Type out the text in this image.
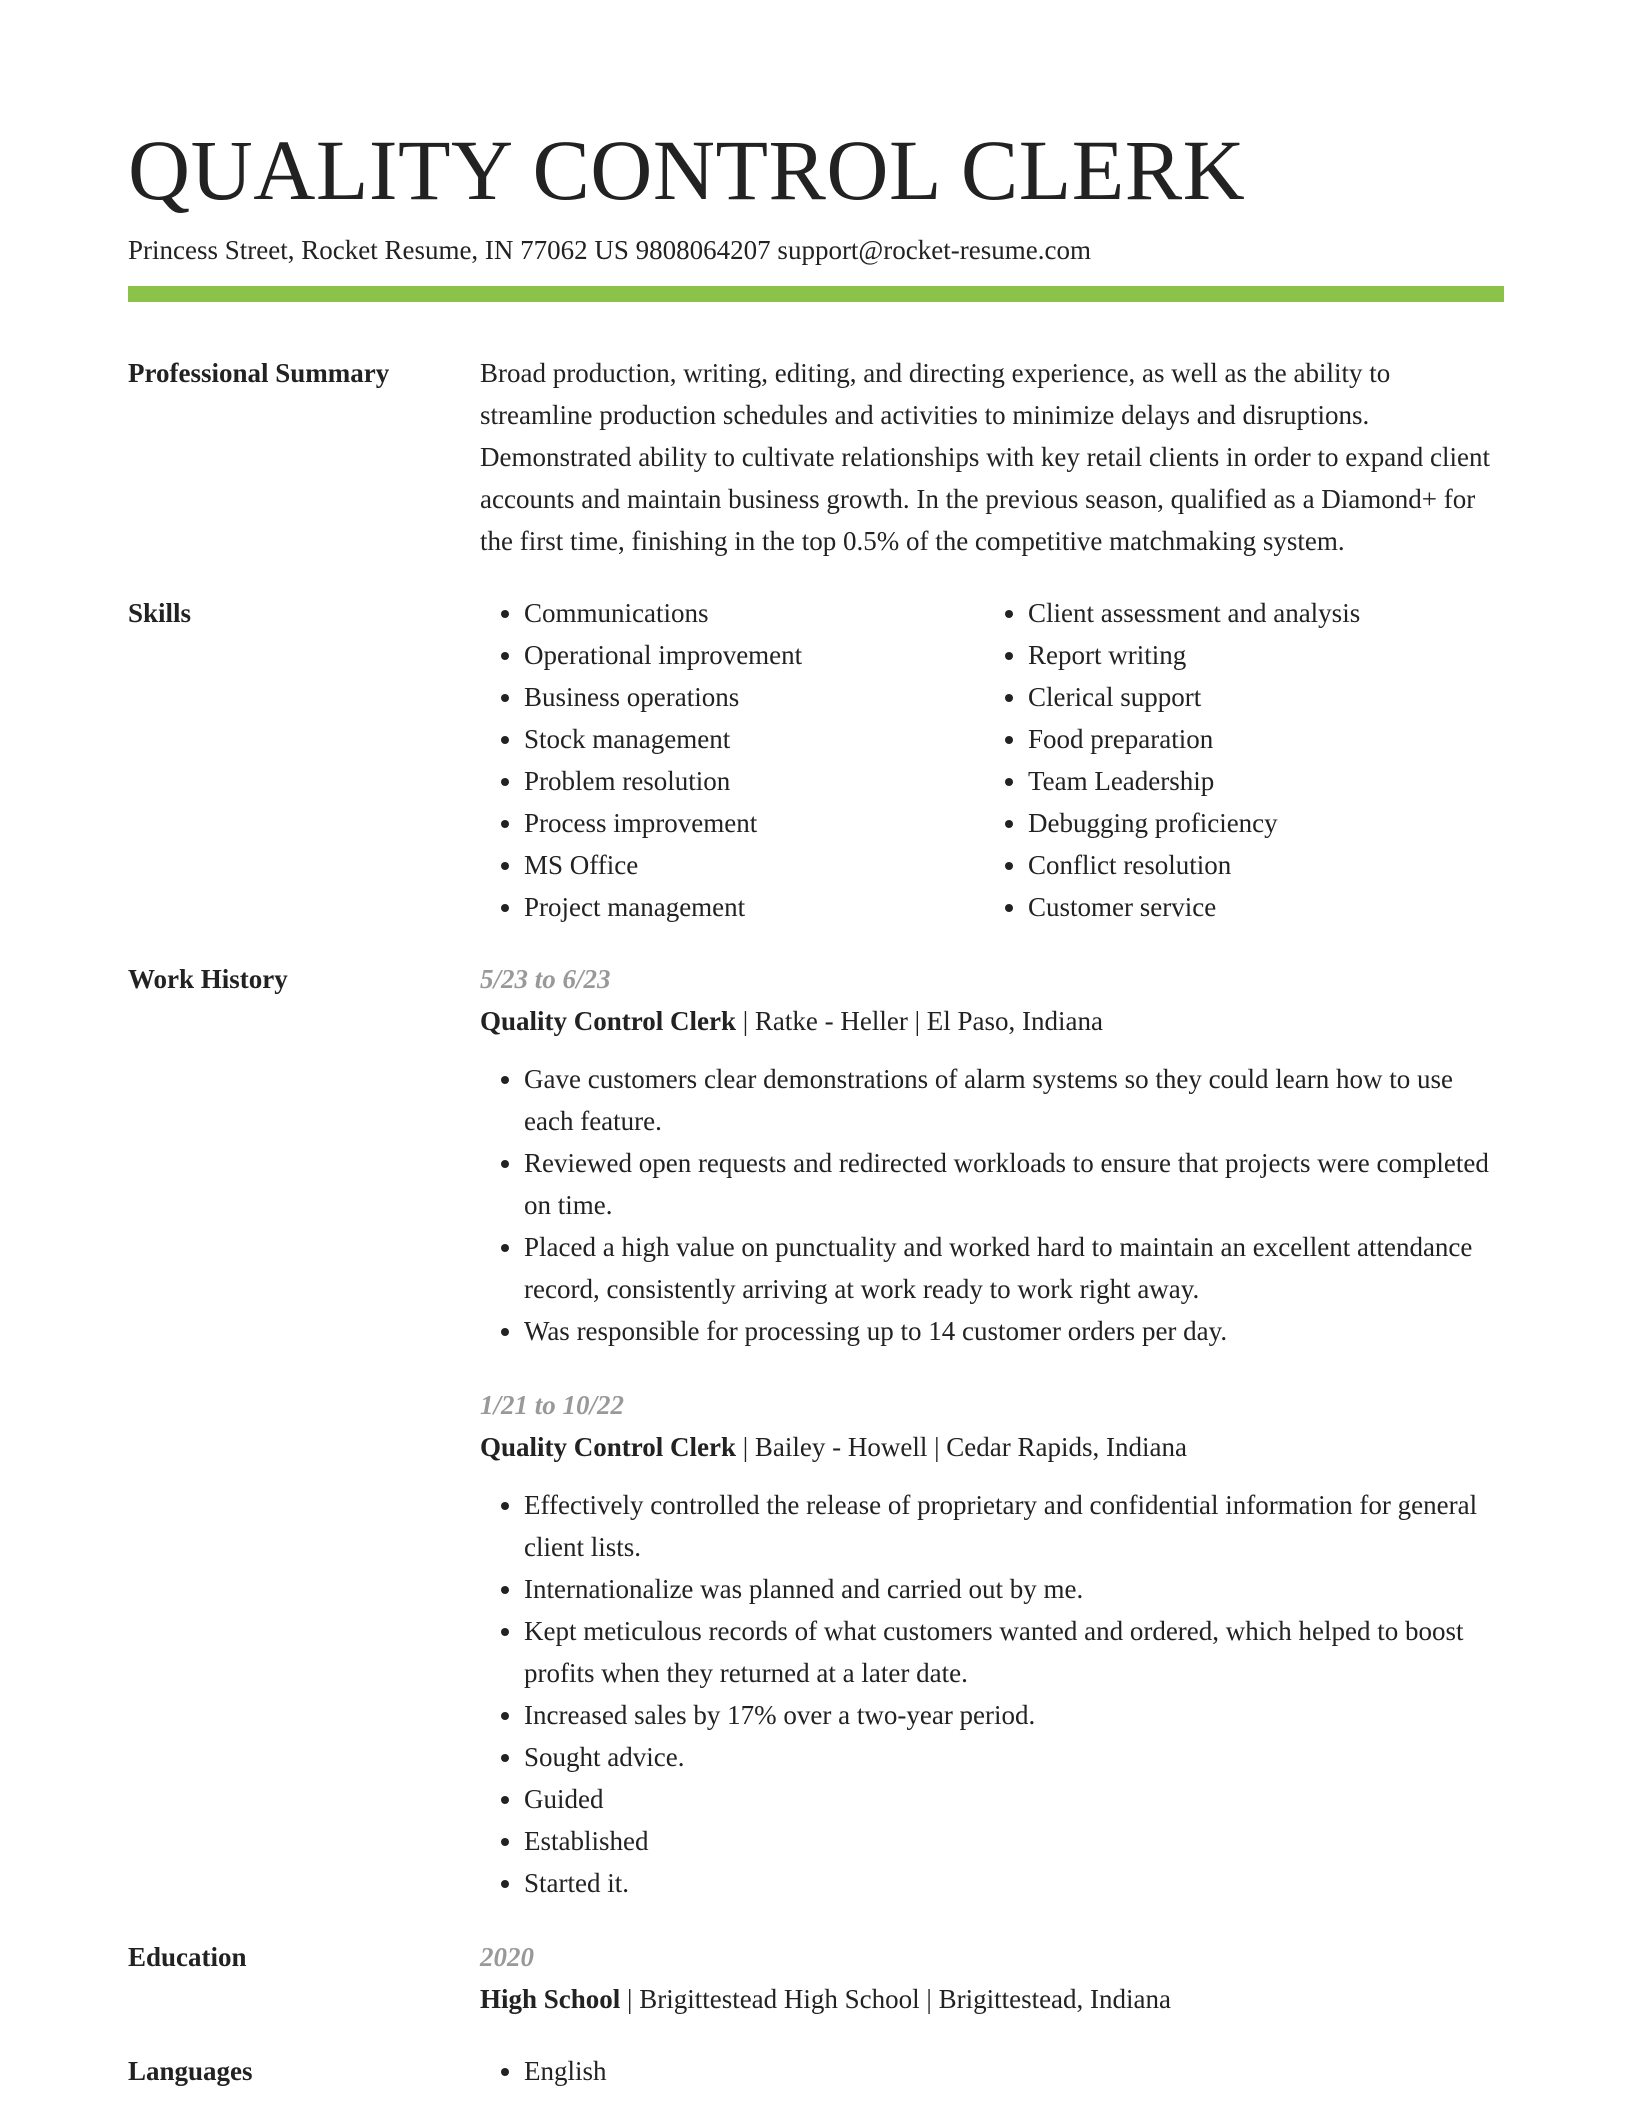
QUALITY CONTROL CLERK
Princess Street, Rocket Resume, IN 77062 US 9808064207 support@rocket-resume.com
Professional Summary	Broad production, writing, editing, and directing experience, as well as the ability to streamline production schedules and activities to minimize delays and disruptions. Demonstrated ability to cultivate relationships with key retail clients in order to expand client accounts and maintain business growth. In the previous season, qualified as a Diamond+ for the first time, finishing in the top 0.5% of the competitive matchmaking system.

Skills	• Communications
• Operational improvement
• Business operations
• Stock management
• Problem resolution
• Process improvement
• MS Office
• Project management
• Client assessment and analysis
• Report writing
• Clerical support
• Food preparation
• Team Leadership
• Debugging proficiency
• Conflict resolution
• Customer service
Work History	5/23 to 6/23
Quality Control Clerk | Ratke - Heller | El Paso, Indiana
• Gave customers clear demonstrations of alarm systems so they could learn how to use each feature.
• Reviewed open requests and redirected workloads to ensure that projects were completed on time.
• Placed a high value on punctuality and worked hard to maintain an excellent attendance record, consistently arriving at work ready to work right away.
• Was responsible for processing up to 14 customer orders per day.
1/21 to 10/22
Quality Control Clerk | Bailey - Howell | Cedar Rapids, Indiana
• Effectively controlled the release of proprietary and confidential information for general client lists.
• Internationalize was planned and carried out by me.
• Kept meticulous records of what customers wanted and ordered, which helped to boost profits when they returned at a later date.
• Increased sales by 17% over a two-year period.
• Sought advice.
• Guided
• Established
• Started it.
Education	2020
High School | Brigittestead High School | Brigittestead, Indiana
Languages	• English
